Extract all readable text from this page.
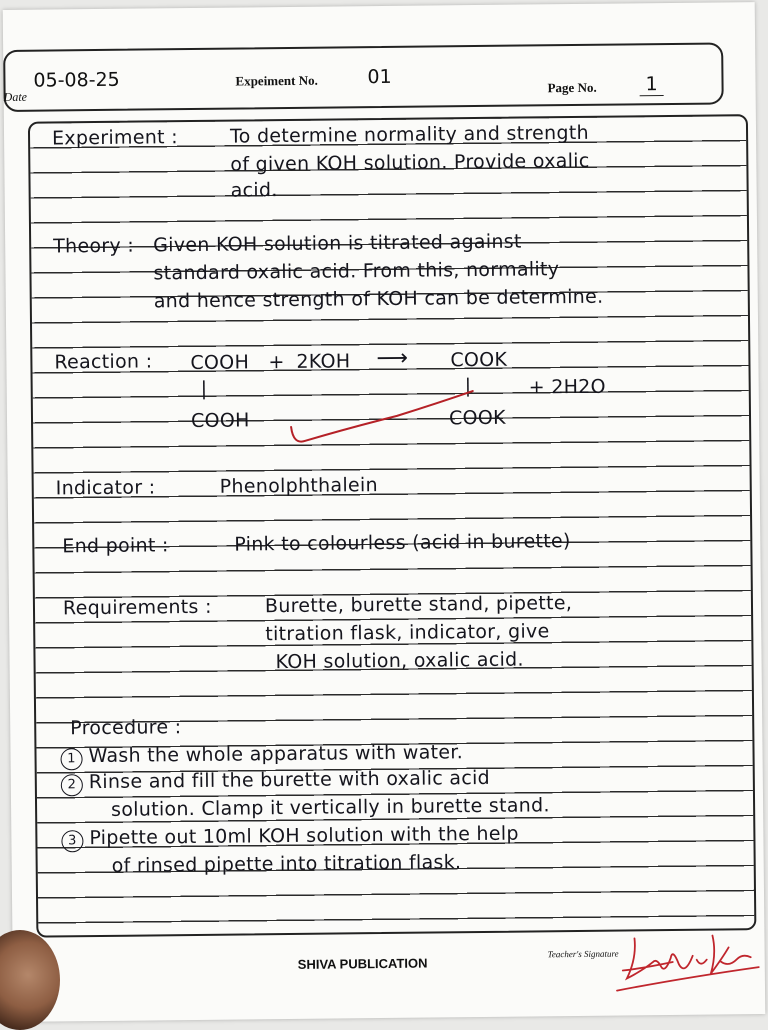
Date
05-08-25	Expeiment No.	01	Page No.	1
Experiment :	To determine normality and strength
of given KOH solution. Provide oxalic
acid.
Theory : Given KOH solution is titrated against
standard oxalic acid. From this, normality
and hence strength of KOH can be determine.
Reaction : COOH + 2KOH ⟶ COOK
|	|	+ 2H2O
COOH	COOK
Indicator :	Phenolphthalein
End point :	Pink to colourless (acid in burette)
Requirements :	Burette, burette stand, pipette,
titration flask, indicator, give
KOH solution, oxalic acid.
Procedure :
1 Wash the whole apparatus with water.
2 Rinse and fill the burette with oxalic acid
solution. Clamp it vertically in burette stand.
3 Pipette out 10ml KOH solution with the help
of rinsed pipette into titration flask.
SHIVA PUBLICATION
Teacher's Signature
